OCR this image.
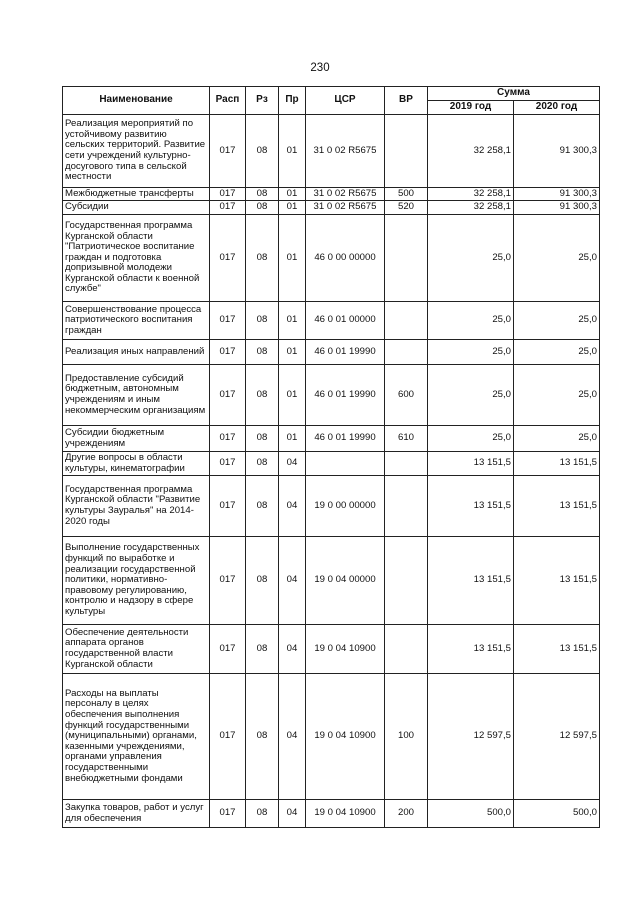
230
Наименование	Расп	Рз	Пр	ЦСР	ВР	Сумма	
						2019 год	2020 год
Реализация мероприятий по устойчивому развитию сельских территорий. Развитие сети учреждений культурно-досугового типа в сельской местности	017	08	01	31 0 02 R5675		32 258,1	91 300,3
Межбюджетные трансферты	017	08	01	31 0 02 R5675	500	32 258,1	91 300,3
Субсидии	017	08	01	31 0 02 R5675	520	32 258,1	91 300,3
Государственная программа Курганской области "Патриотическое воспитание граждан и подготовка допризывной молодежи Курганской области к военной службе"	017	08	01	46 0 00 00000		25,0	25,0
Совершенствование процесса патриотического воспитания граждан	017	08	01	46 0 01 00000		25,0	25,0
Реализация иных направлений	017	08	01	46 0 01 19990		25,0	25,0
Предоставление субсидий бюджетным, автономным учреждениям и иным некоммерческим организациям	017	08	01	46 0 01 19990	600	25,0	25,0
Субсидии бюджетным учреждениям	017	08	01	46 0 01 19990	610	25,0	25,0
Другие вопросы в области культуры, кинематографии	017	08	04			13 151,5	13 151,5
Государственная программа Курганской области "Развитие культуры Зауралья" на 2014-2020 годы	017	08	04	19 0 00 00000		13 151,5	13 151,5
Выполнение государственных функций по выработке и реализации государственной политики, нормативно-правовому регулированию, контролю и надзору в сфере культуры	017	08	04	19 0 04 00000		13 151,5	13 151,5
Обеспечение деятельности аппарата органов государственной власти Курганской области	017	08	04	19 0 04 10900		13 151,5	13 151,5
Расходы на выплаты персоналу в целях обеспечения выполнения функций государственными (муниципальными) органами, казенными учреждениями, органами управления государственными внебюджетными фондами	017	08	04	19 0 04 10900	100	12 597,5	12 597,5
Закупка товаров, работ и услуг для обеспечения	017	08	04	19 0 04 10900	200	500,0	500,0
